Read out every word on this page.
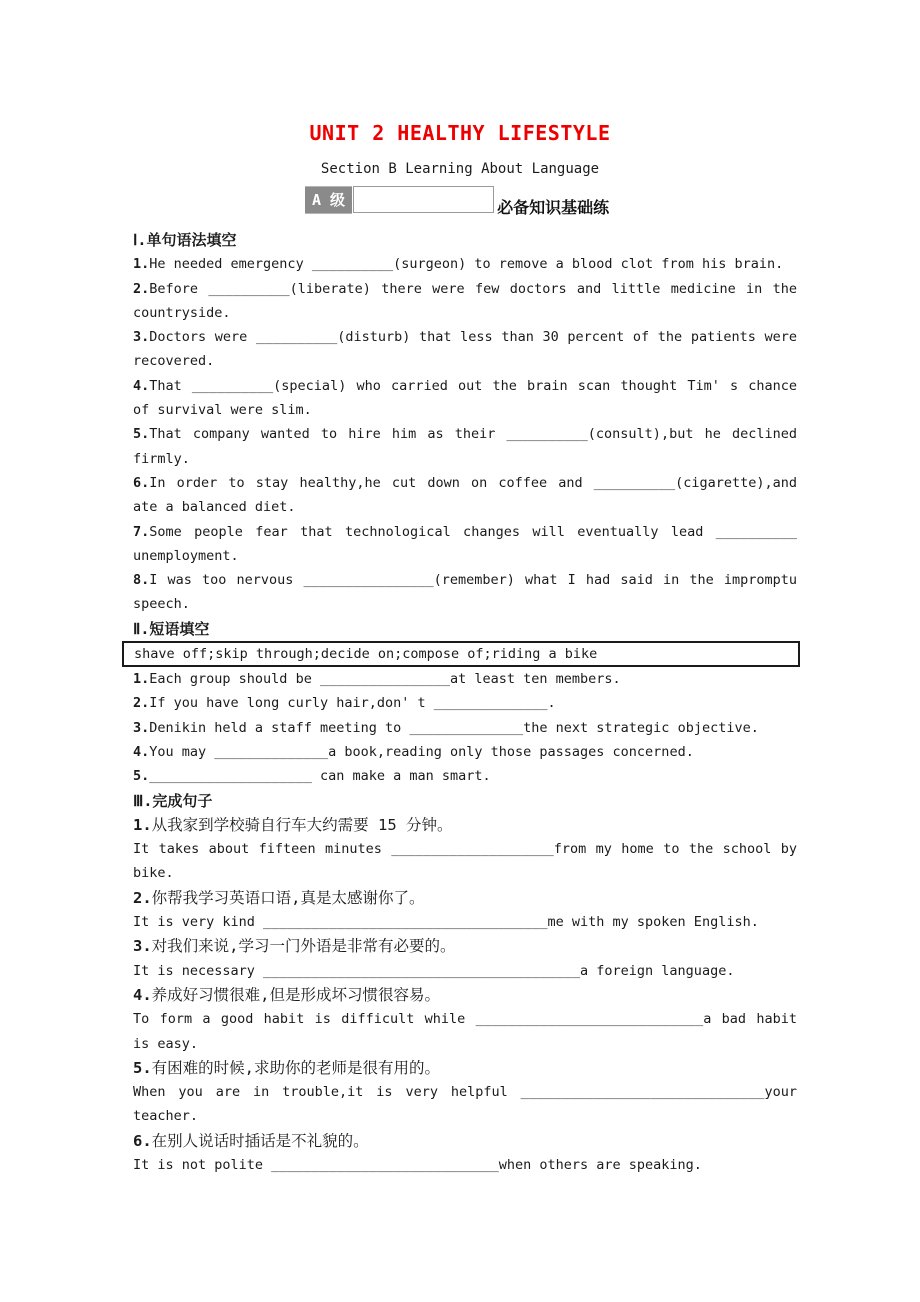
UNIT 2 HEALTHY LIFESTYLE
Section B Learning About Language
A 级	必备知识基础练
Ⅰ.单句语法填空

1.He needed emergency __________(surgeon) to remove a blood clot from his brain.

2.Before __________(liberate) there were few doctors and little medicine in the countryside.

3.Doctors were __________(disturb) that less than 30 percent of the patients were recovered.

4.That __________(special) who carried out the brain scan thought Tim' s chance of survival were slim.

5.That company wanted to hire him as their __________(consult),but he declined firmly.

6.In order to stay healthy,he cut down on coffee and __________(cigarette),and ate a balanced diet.

7.Some people fear that technological changes will eventually lead __________ unemployment.

8.I was too nervous ________________(remember) what I had said in the impromptu speech.

Ⅱ.短语填空
shave off;skip through;decide on;compose of;riding a bike

1.Each group should be ________________at least ten members.

2.If you have long curly hair,don' t ______________.

3.Denikin held a staff meeting to ______________the next strategic objective.

4.You may ______________a book,reading only those passages concerned.

5.____________________ can make a man smart.

Ⅲ.完成句子

1.从我家到学校骑自行车大约需要 15 分钟。

It takes about fifteen minutes ____________________from my home to the school by bike.

2.你帮我学习英语口语,真是太感谢你了。

It is very kind ___________________________________me with my spoken English.

3.对我们来说,学习一门外语是非常有必要的。

It is necessary _______________________________________a foreign language.

4.养成好习惯很难,但是形成坏习惯很容易。

To form a good habit is difficult while ____________________________a bad habit is easy.

5.有困难的时候,求助你的老师是很有用的。

When you are in trouble,it is very helpful ______________________________your teacher.

6.在别人说话时插话是不礼貌的。

It is not polite ____________________________when others are speaking.
